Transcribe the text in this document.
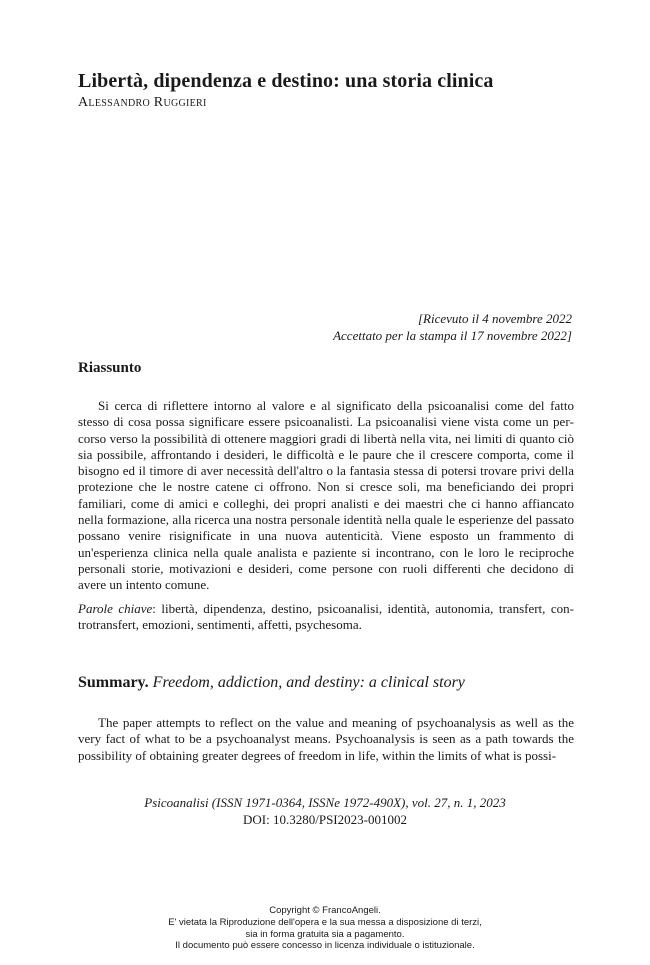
Libertà, dipendenza e destino: una storia clinica
Alessandro Ruggieri
[Ricevuto il 4 novembre 2022
Accettato per la stampa il 17 novembre 2022]
Riassunto
Si cerca di riflettere intorno al valore e al significato della psicoanalisi come del fatto stesso di cosa possa significare essere psicoanalisti. La psicoanalisi viene vista come un percorso verso la possibilità di ottenere maggiori gradi di libertà nella vita, nei limiti di quanto ciò sia possibile, affrontando i desideri, le difficoltà e le paure che il crescere comporta, come il bisogno ed il timore di aver necessità dell'altro o la fantasia stessa di potersi trovare privi della protezione che le nostre catene ci offrono. Non si cresce soli, ma beneficiando dei propri familiari, come di amici e colleghi, dei propri analisti e dei maestri che ci hanno affiancato nella formazione, alla ricerca una nostra personale identità nella quale le esperienze del passato possano venire risignificate in una nuova autenticità. Viene esposto un frammento di un'esperienza clinica nella quale analista e paziente si incontrano, con le loro le reciproche personali storie, motivazioni e desideri, come persone con ruoli differenti che decidono di avere un intento comune.
Parole chiave: libertà, dipendenza, destino, psicoanalisi, identità, autonomia, transfert, controtransfert, emozioni, sentimenti, affetti, psychesoma.
Summary. Freedom, addiction, and destiny: a clinical story
The paper attempts to reflect on the value and meaning of psychoanalysis as well as the very fact of what to be a psychoanalyst means. Psychoanalysis is seen as a path towards the possibility of obtaining greater degrees of freedom in life, within the limits of what is possi-
Psicoanalisi (ISSN 1971-0364, ISSNe 1972-490X), vol. 27, n. 1, 2023
DOI: 10.3280/PSI2023-001002
Copyright © FrancoAngeli.
E' vietata la Riproduzione dell'opera e la sua messa a disposizione di terzi,
sia in forma gratuita sia a pagamento.
Il documento può essere concesso in licenza individuale o istituzionale.
